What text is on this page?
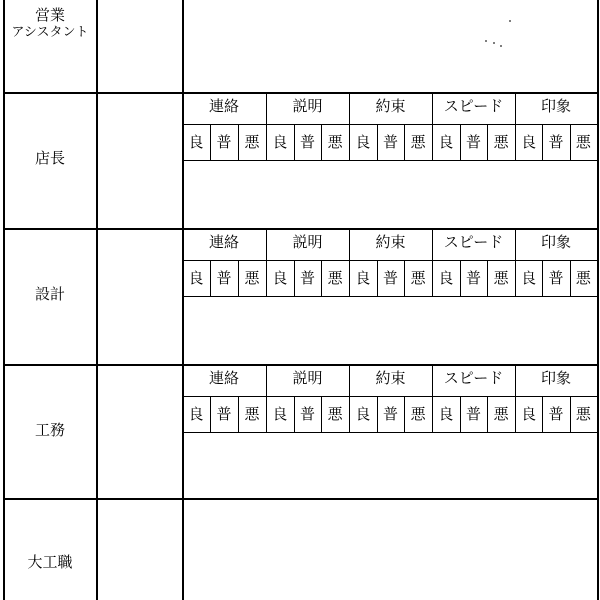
営業
アシスタント
店長
連絡
良 普 悪
説明
良 普 悪
約束
良 普 悪
スピード
良 普 悪
印象
良 普 悪
設計
連絡
良 普 悪
説明
良 普 悪
約束
良 普 悪
スピード
良 普 悪
印象
良 普 悪
工務
連絡
良 普 悪
説明
良 普 悪
約束
良 普 悪
スピード
良 普 悪
印象
良 普 悪
大工職
